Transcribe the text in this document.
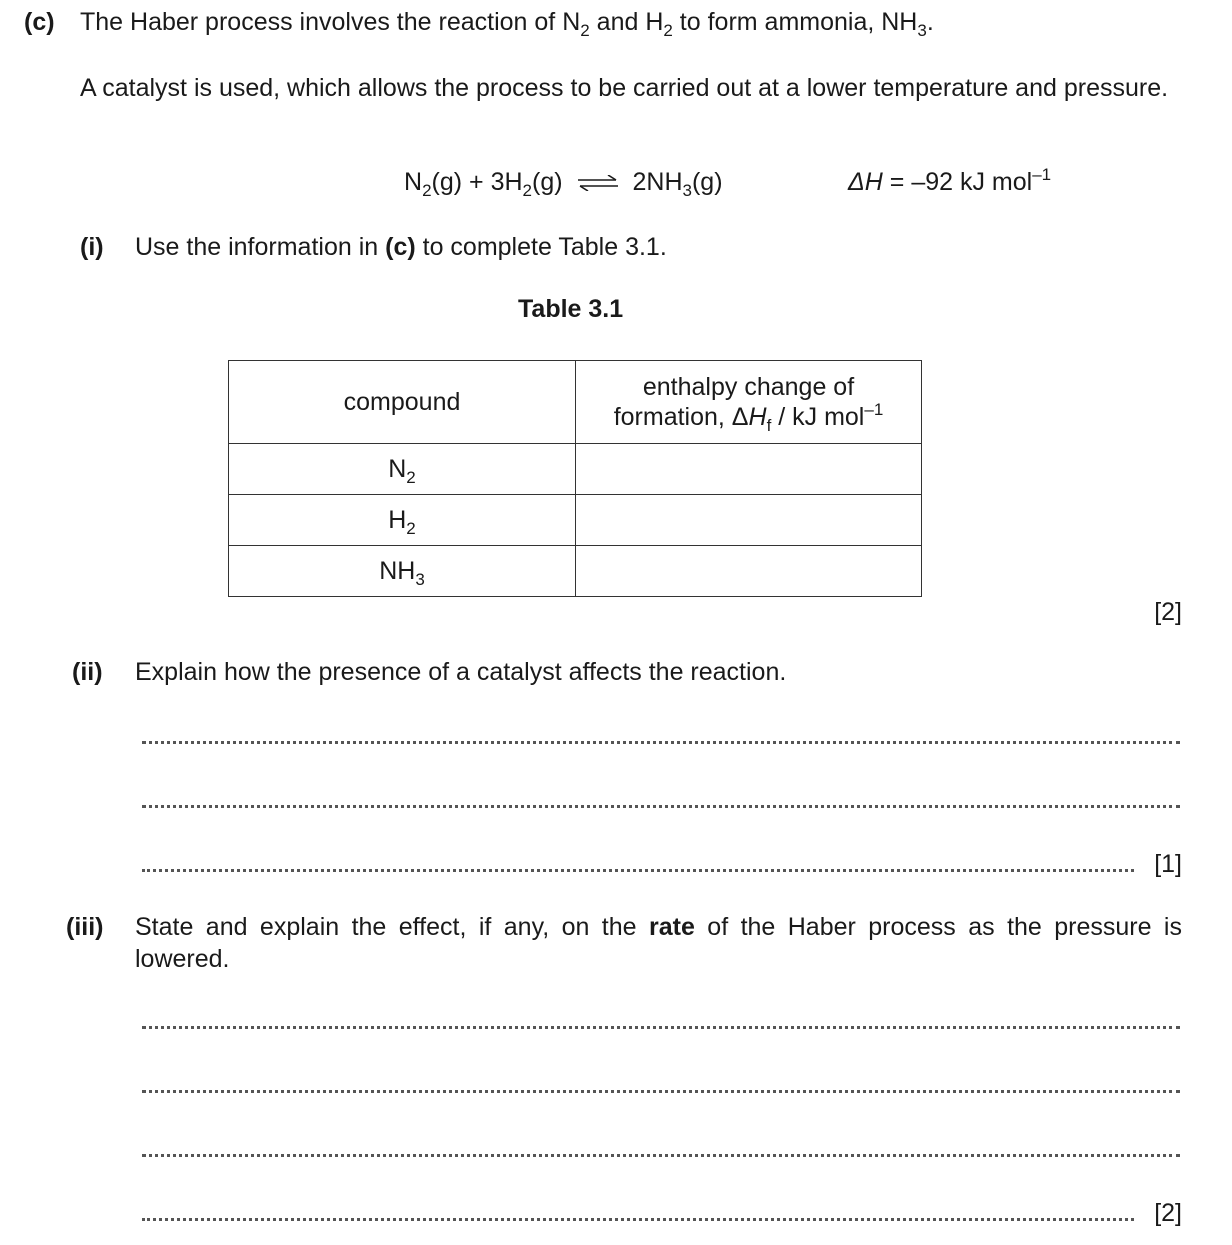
(c) The Haber process involves the reaction of $N_2$ and $H_2$ to form ammonia, $NH_3$.
A catalyst is used, which allows the process to be carried out at a lower temperature and pressure.
$N_2(g) + 3H_2(g)$ ⇌ $2NH_3(g)$	ΔH = –92 kJ mol$^{-1}$
(i) Use the information in (c) to complete Table 3.1.
Table 3.1
compound	enthalpy change of
formation, $\Delta H_f$ / kJ mol$^{-1}$

$N_2$	
$H_2$	
$NH_3$	
[2]
(ii) Explain how the presence of a catalyst affects the reaction.
[1]
(iii) State and explain the effect, if any, on the rate of the Haber process as the pressure is lowered.
[2]
